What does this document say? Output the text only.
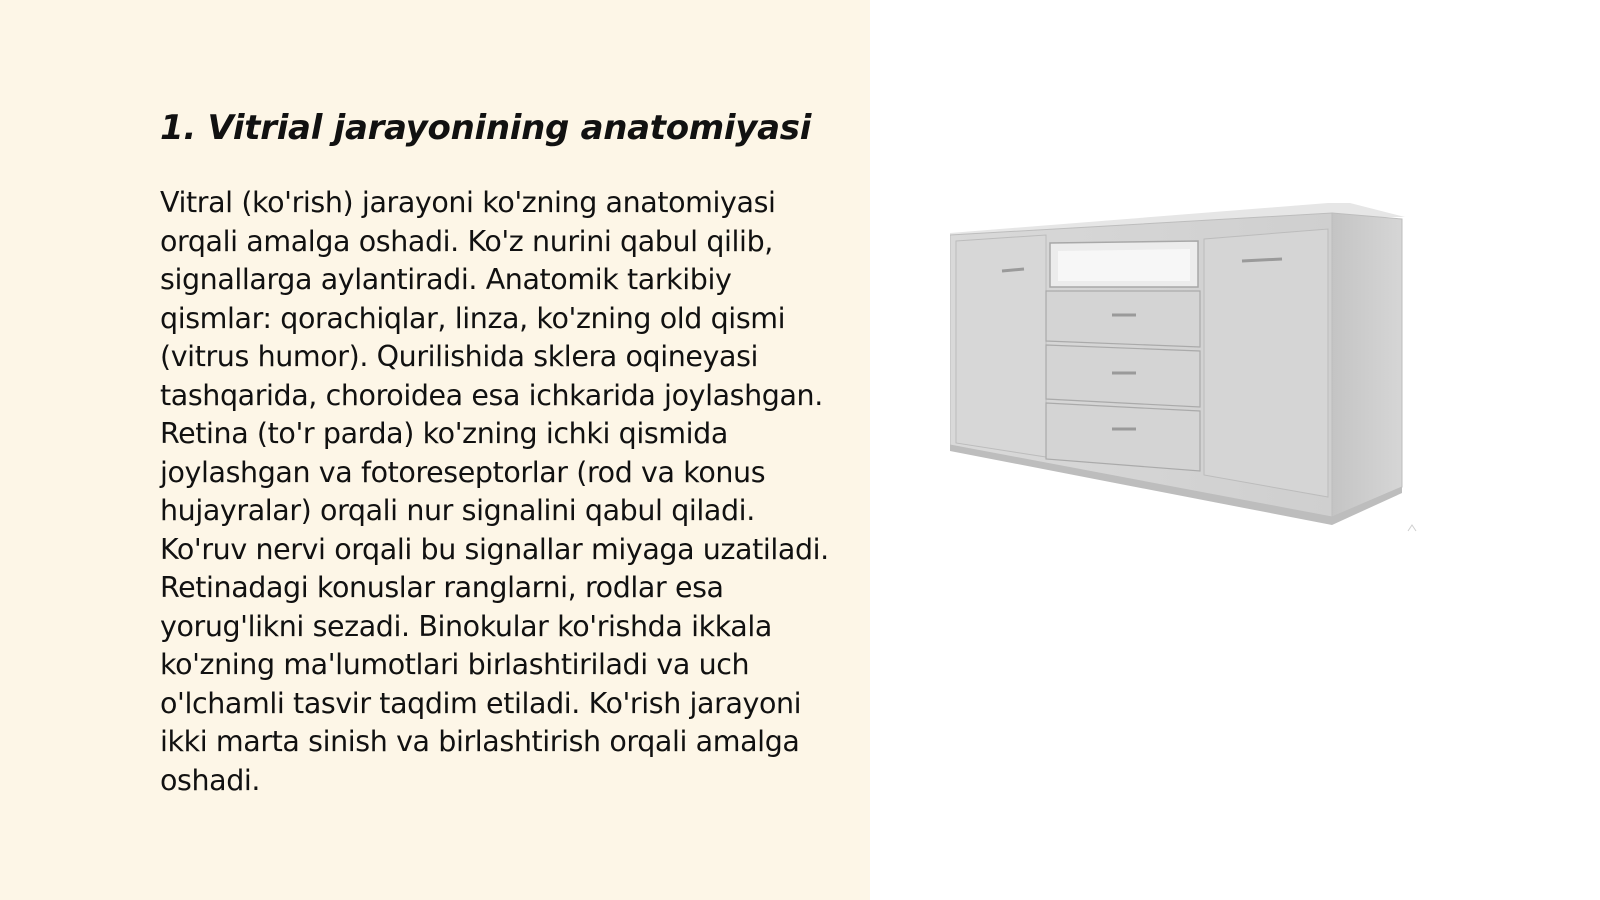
1. Vitrial jarayonining anatomiyasi

Vitral (ko'rish) jarayoni ko'zning anatomiyasi orqali amalga oshadi. Ko'z nurini qabul qilib, signallarga aylantiradi. Anatomik tarkibiy qismlar: qorachiqlar, linza, ko'zning old qismi (vitrus humor). Qurilishida sklera oqineyasi tashqarida, choroidea esa ichkarida joylashgan. Retina (to'r parda) ko'zning ichki qismida joylashgan va fotoreseptorlar (rod va konus hujayralar) orqali nur signalini qabul qiladi. Ko'ruv nervi orqali bu signallar miyaga uzatiladi. Retinadagi konuslar ranglarni, rodlar esa yorug'likni sezadi. Binokular ko'rishda ikkala ko'zning ma'lumotlari birlashtiriladi va uch o'lchamli tasvir taqdim etiladi. Ko'rish jarayoni ikki marta sinish va birlashtirish orqali amalga oshadi.
